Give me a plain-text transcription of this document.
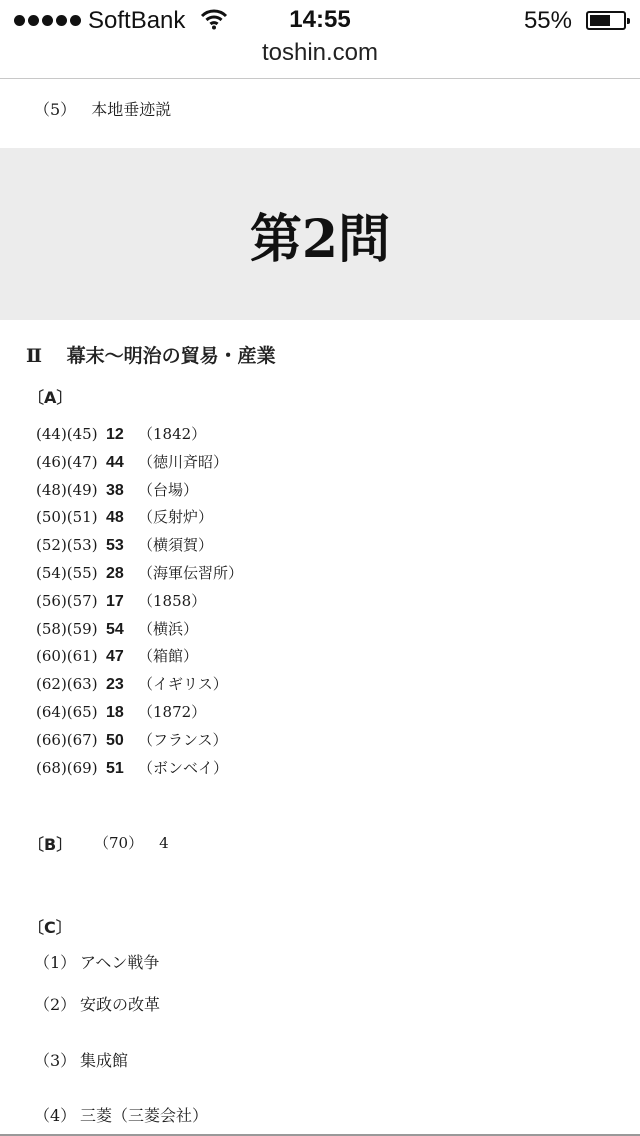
SoftBank	14:55	55%
toshin.com
（5） 本地垂迹説
第2問
Ⅱ 幕末～明治の貿易・産業
〔A〕
(44)(45) 12 （1842）
(46)(47) 44 （徳川斉昭）
(48)(49) 38 （台場）
(50)(51) 48 （反射炉）
(52)(53) 53 （横須賀）
(54)(55) 28 （海軍伝習所）
(56)(57) 17 （1858）
(58)(59) 54 （横浜）
(60)(61) 47 （箱館）
(62)(63) 23 （イギリス）
(64)(65) 18 （1872）
(66)(67) 50 （フランス）
(68)(69) 51 （ボンベイ）
〔B〕 （70） 4
〔C〕
（1） アヘン戦争
（2） 安政の改革
（3） 集成館
（4） 三菱（三菱会社）
